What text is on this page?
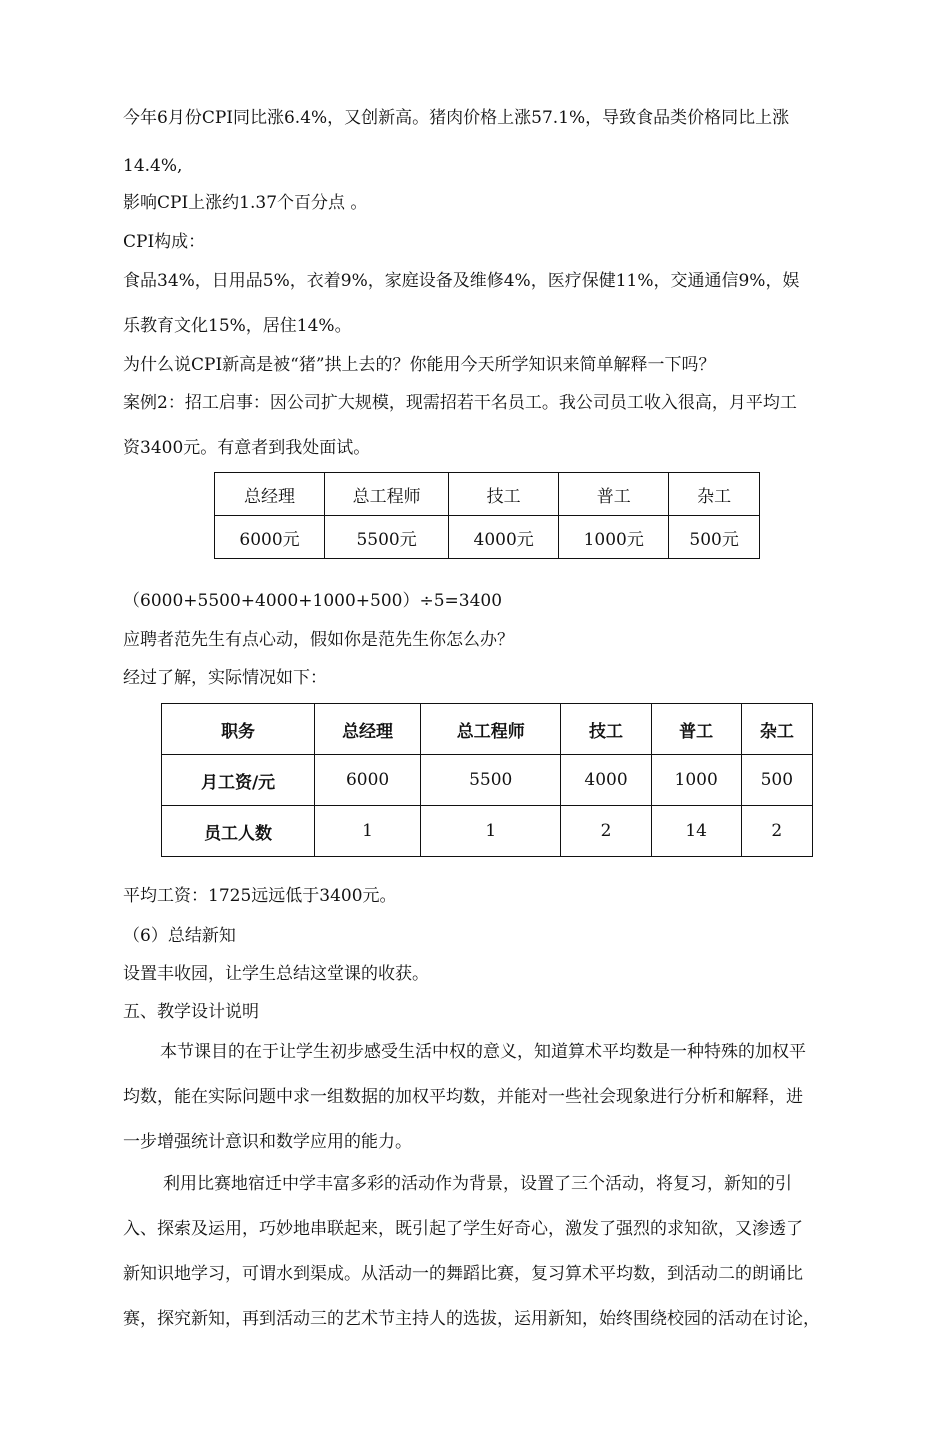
今年6月份CPI同比涨6.4%，又创新高。猪肉价格上涨57.1%，导致食品类价格同比上涨
14.4%,
影响CPI上涨约1.37个百分点 。
CPI构成：
食品34%，日用品5%，衣着9%，家庭设备及维修4%，医疗保健11%，交通通信9%，娱
乐教育文化15%，居住14%。
为什么说CPI新高是被“猪”拱上去的？你能用今天所学知识来简单解释一下吗？
案例2：招工启事：因公司扩大规模，现需招若干名员工。我公司员工收入很高，月平均工
资3400元。有意者到我处面试。
总经理	总工程师	技工	普工	杂工
6000元	5500元	4000元	1000元	500元
（6000+5500+4000+1000+500）÷5=3400
应聘者范先生有点心动，假如你是范先生你怎么办？
经过了解，实际情况如下：
职务	总经理	总工程师	技工	普工	杂工
月工资/元	6000	5500	4000	1000	500
员工人数	1	1	2	14	2
平均工资：1725远远低于3400元。
（6）总结新知
设置丰收园，让学生总结这堂课的收获。
五、教学设计说明
本节课目的在于让学生初步感受生活中权的意义，知道算术平均数是一种特殊的加权平
均数，能在实际问题中求一组数据的加权平均数，并能对一些社会现象进行分析和解释，进
一步增强统计意识和数学应用的能力。
利用比赛地宿迁中学丰富多彩的活动作为背景，设置了三个活动，将复习，新知的引
入、探索及运用，巧妙地串联起来，既引起了学生好奇心，激发了强烈的求知欲，又渗透了
新知识地学习，可谓水到渠成。从活动一的舞蹈比赛，复习算术平均数，到活动二的朗诵比
赛，探究新知，再到活动三的艺术节主持人的选拔，运用新知，始终围绕校园的活动在讨论，
